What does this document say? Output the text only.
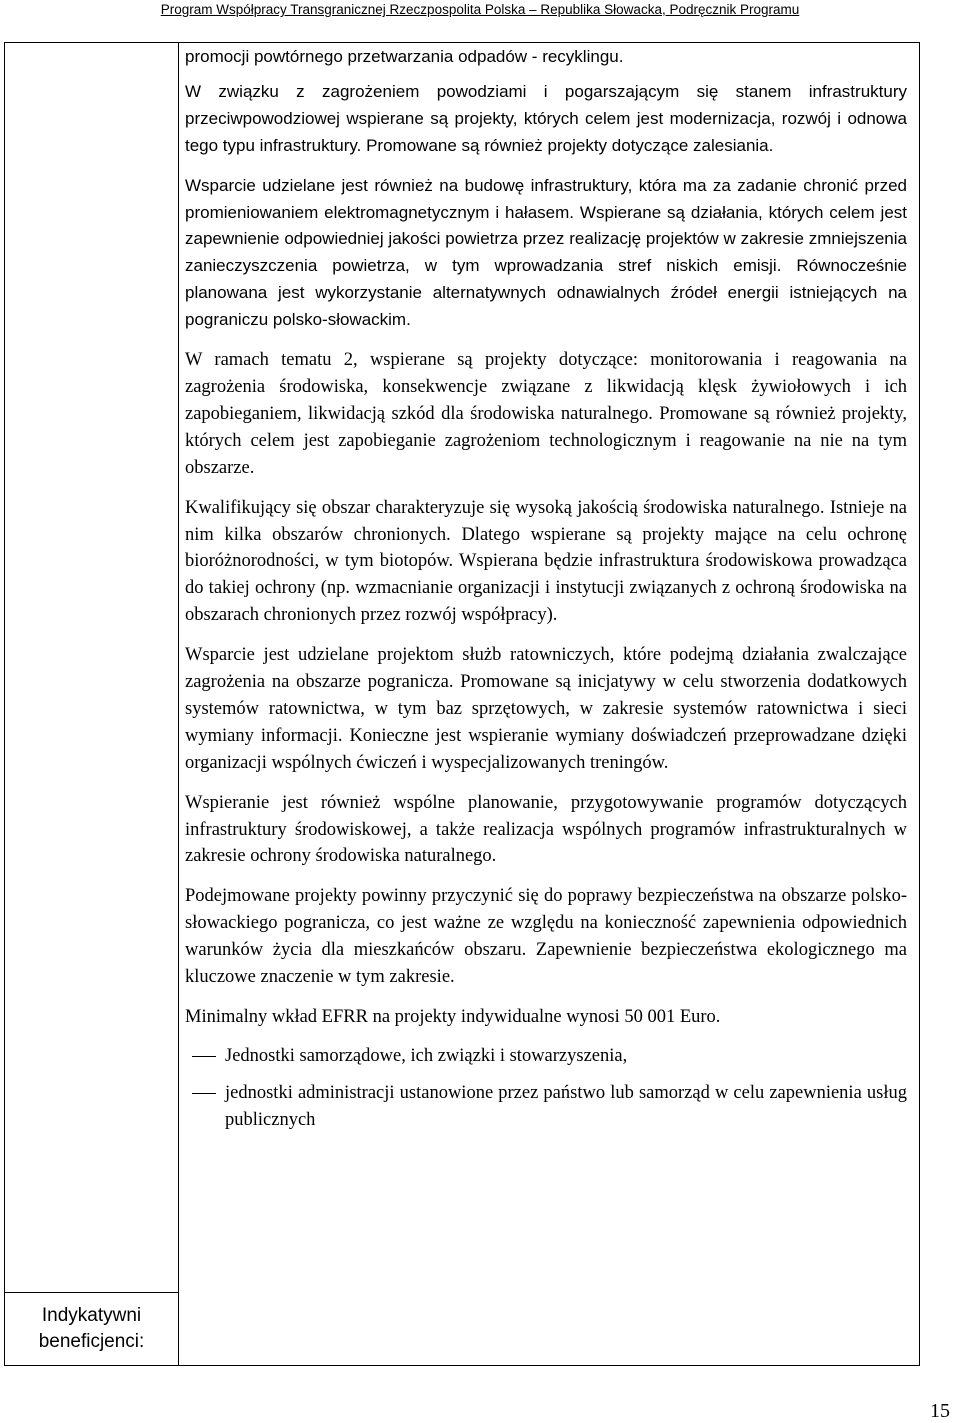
Program Współpracy Transgranicznej Rzeczpospolita Polska – Republika Słowacka, Podręcznik Programu
Indykatywni
beneficjenci:

promocji powtórnego przetwarzania odpadów - recyklingu.

W związku z zagrożeniem powodziami i pogarszającym się stanem infrastruktury przeciwpowodziowej wspierane są projekty, których celem jest modernizacja, rozwój i odnowa tego typu infrastruktury. Promowane są również projekty dotyczące zalesiania.

Wsparcie udzielane jest również na budowę infrastruktury, która ma za zadanie chronić przed promieniowaniem elektromagnetycznym i hałasem. Wspierane są działania, których celem jest zapewnienie odpowiedniej jakości powietrza przez realizację projektów w zakresie zmniejszenia zanieczyszczenia powietrza, w tym wprowadzania stref niskich emisji. Równocześnie planowana jest wykorzystanie alternatywnych odnawialnych źródeł energii istniejących na pograniczu polsko-słowackim.

W ramach tematu 2, wspierane są projekty dotyczące: monitorowania i reagowania na zagrożenia środowiska, konsekwencje związane z likwidacją klęsk żywiołowych i ich zapobieganiem, likwidacją szkód dla środowiska naturalnego. Promowane są również projekty, których celem jest zapobieganie zagrożeniom technologicznym i reagowanie na nie na tym obszarze.

Kwalifikujący się obszar charakteryzuje się wysoką jakością środowiska naturalnego. Istnieje na nim kilka obszarów chronionych. Dlatego wspierane są projekty mające na celu ochronę bioróżnorodności, w tym biotopów. Wspierana będzie infrastruktura środowiskowa prowadząca do takiej ochrony (np. wzmacnianie organizacji i instytucji związanych z ochroną środowiska na obszarach chronionych przez rozwój współpracy).

Wsparcie jest udzielane projektom służb ratowniczych, które podejmą działania zwalczające zagrożenia na obszarze pogranicza. Promowane są inicjatywy w celu stworzenia dodatkowych systemów ratownictwa, w tym baz sprzętowych, w zakresie systemów ratownictwa i sieci wymiany informacji. Konieczne jest wspieranie wymiany doświadczeń przeprowadzane dzięki organizacji wspólnych ćwiczeń i wyspecjalizowanych treningów.

Wspieranie jest również wspólne planowanie, przygotowywanie programów dotyczących infrastruktury środowiskowej, a także realizacja wspólnych programów infrastrukturalnych w zakresie ochrony środowiska naturalnego.

Podejmowane projekty powinny przyczynić się do poprawy bezpieczeństwa na obszarze polsko-słowackiego pogranicza, co jest ważne ze względu na konieczność zapewnienia odpowiednich warunków życia dla mieszkańców obszaru. Zapewnienie bezpieczeństwa ekologicznego ma kluczowe znaczenie w tym zakresie.

Minimalny wkład EFRR na projekty indywidualne wynosi 50 001 Euro.

Jednostki samorządowe, ich związki i stowarzyszenia,
jednostki administracji ustanowione przez państwo lub samorząd w celu zapewnienia usług publicznych
15
